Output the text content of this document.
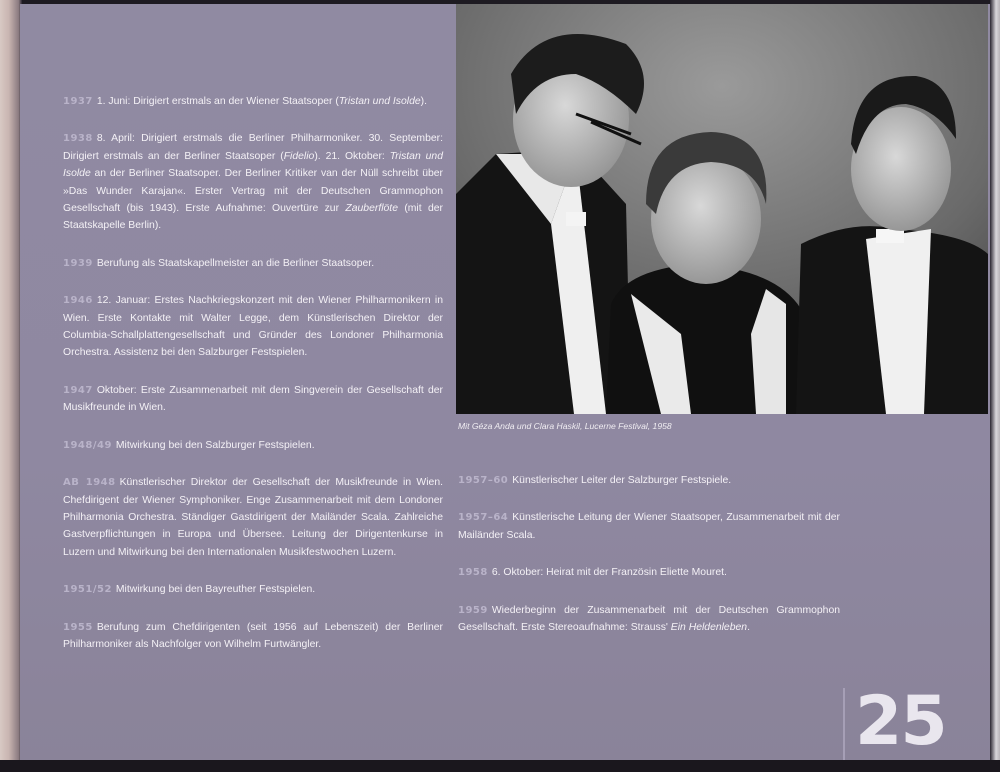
1937 1. Juni: Dirigiert erstmals an der Wiener Staatsoper (Tristan und Isolde).

1938 8. April: Dirigiert erstmals die Berliner Philharmoniker. 30. September: Dirigiert erstmals an der Berliner Staatsoper (Fidelio). 21. Oktober: Tristan und Isolde an der Berliner Staatsoper. Der Berliner Kritiker van der Nüll schreibt über »Das Wunder Karajan«. Erster Vertrag mit der Deutschen Grammophon Gesellschaft (bis 1943). Erste Aufnahme: Ouvertüre zur Zauberflöte (mit der Staatskapelle Berlin).

1939 Berufung als Staatskapellmeister an die Berliner Staatsoper.

1946 12. Januar: Erstes Nachkriegskonzert mit den Wiener Philharmonikern in Wien. Erste Kontakte mit Walter Legge, dem Künstlerischen Direktor der Columbia-Schallplattengesellschaft und Gründer des Londoner Philharmonia Orchestra. Assistenz bei den Salzburger Festspielen.

1947 Oktober: Erste Zusammenarbeit mit dem Singverein der Gesellschaft der Musikfreunde in Wien.

1948/49 Mitwirkung bei den Salzburger Festspielen.

AB 1948 Künstlerischer Direktor der Gesellschaft der Musikfreunde in Wien. Chefdirigent der Wiener Symphoniker. Enge Zusammenarbeit mit dem Londoner Philharmonia Orchestra. Ständiger Gastdirigent der Mailänder Scala. Zahlreiche Gastverpflichtungen in Europa und Übersee. Leitung der Dirigentenkurse in Luzern und Mitwirkung bei den Internationalen Musikfestwochen Luzern.

1951/52 Mitwirkung bei den Bayreuther Festspielen.

1955 Berufung zum Chefdirigenten (seit 1956 auf Lebenszeit) der Berliner Philharmoniker als Nachfolger von Wilhelm Furtwängler.

1957–60 Künstlerischer Leiter der Salzburger Festspiele.

1957–64 Künstlerische Leitung der Wiener Staatsoper, Zusammenarbeit mit der Mailänder Scala.

1958 6. Oktober: Heirat mit der Französin Eliette Mouret.

1959 Wiederbeginn der Zusammenarbeit mit der Deutschen Grammophon Gesellschaft. Erste Stereoaufnahme: Strauss' Ein Heldenleben.

Mit Géza Anda und Clara Haskil, Lucerne Festival, 1958
25
